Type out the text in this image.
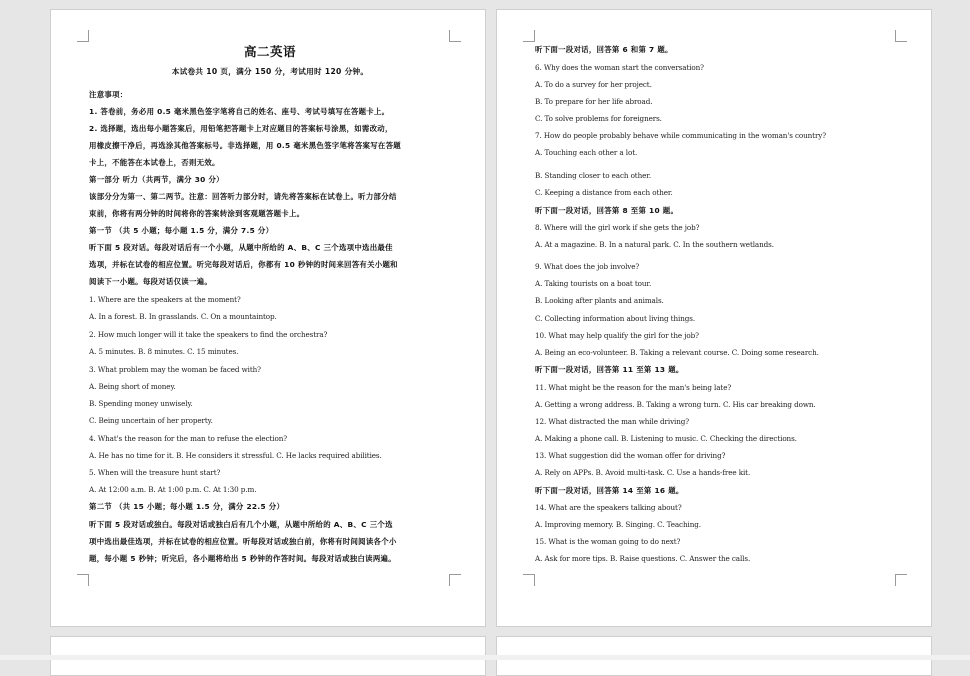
高二英语
本试卷共 10 页，满分 150 分，考试用时 120 分钟。
注意事项：
1. 答卷前，务必用 0.5 毫米黑色签字笔将自己的姓名、座号、考试号填写在答题卡上。
2. 选择题，选出每小题答案后，用铅笔把答题卡上对应题目的答案标号涂黑，如需改动，
用橡皮擦干净后，再选涂其他答案标号。非选择题，用 0.5 毫米黑色签字笔将答案写在答题
卡上，不能答在本试卷上，否则无效。
第一部分 听力（共两节，满分 30 分）
该部分分为第一、第二两节。注意：回答听力部分时，请先将答案标在试卷上。听力部分结
束前，你将有两分钟的时间将你的答案转涂到客观题答题卡上。
第一节 （共 5 小题；每小题 1.5 分，满分 7.5 分）
听下面 5 段对话。每段对话后有一个小题，从题中所给的 A、B、C 三个选项中选出最佳
选项，并标在试卷的相应位置。听完每段对话后，你都有 10 秒钟的时间来回答有关小题和
阅读下一小题。每段对话仅读一遍。
1. Where are the speakers at the moment?
A. In a forest. B. In grasslands. C. On a mountaintop.
2. How much longer will it take the speakers to find the orchestra?
A. 5 minutes. B. 8 minutes. C. 15 minutes.
3. What problem may the woman be faced with?
A. Being short of money.
B. Spending money unwisely.
C. Being uncertain of her property.
4. What's the reason for the man to refuse the election?
A. He has no time for it. B. He considers it stressful. C. He lacks required abilities.
5. When will the treasure hunt start?
A. At 12:00 a.m. B. At 1:00 p.m. C. At 1:30 p.m.
第二节 （共 15 小题；每小题 1.5 分，满分 22.5 分）
听下面 5 段对话或独白。每段对话或独白后有几个小题，从题中所给的 A、B、C 三个选
项中选出最佳选项，并标在试卷的相应位置。听每段对话或独白前，你将有时间阅读各个小
题，每小题 5 秒钟；听完后，各小题将给出 5 秒钟的作答时间。每段对话或独白读两遍。
听下面一段对话，回答第 6 和第 7 题。
6. Why does the woman start the conversation?
A. To do a survey for her project.
B. To prepare for her life abroad.
C. To solve problems for foreigners.
7. How do people probably behave while communicating in the woman's country?
A. Touching each other a lot.
B. Standing closer to each other.
C. Keeping a distance from each other.
听下面一段对话，回答第 8 至第 10 题。
8. Where will the girl work if she gets the job?
A. At a magazine. B. In a natural park. C. In the southern wetlands.
9. What does the job involve?
A. Taking tourists on a boat tour.
B. Looking after plants and animals.
C. Collecting information about living things.
10. What may help qualify the girl for the job?
A. Being an eco-volunteer. B. Taking a relevant course. C. Doing some research.
听下面一段对话，回答第 11 至第 13 题。
11. What might be the reason for the man's being late?
A. Getting a wrong address. B. Taking a wrong turn. C. His car breaking down.
12. What distracted the man while driving?
A. Making a phone call. B. Listening to music. C. Checking the directions.
13. What suggestion did the woman offer for driving?
A. Rely on APPs. B. Avoid multi-task. C. Use a hands-free kit.
听下面一段对话，回答第 14 至第 16 题。
14. What are the speakers talking about?
A. Improving memory. B. Singing. C. Teaching.
15. What is the woman going to do next?
A. Ask for more tips. B. Raise questions. C. Answer the calls.
